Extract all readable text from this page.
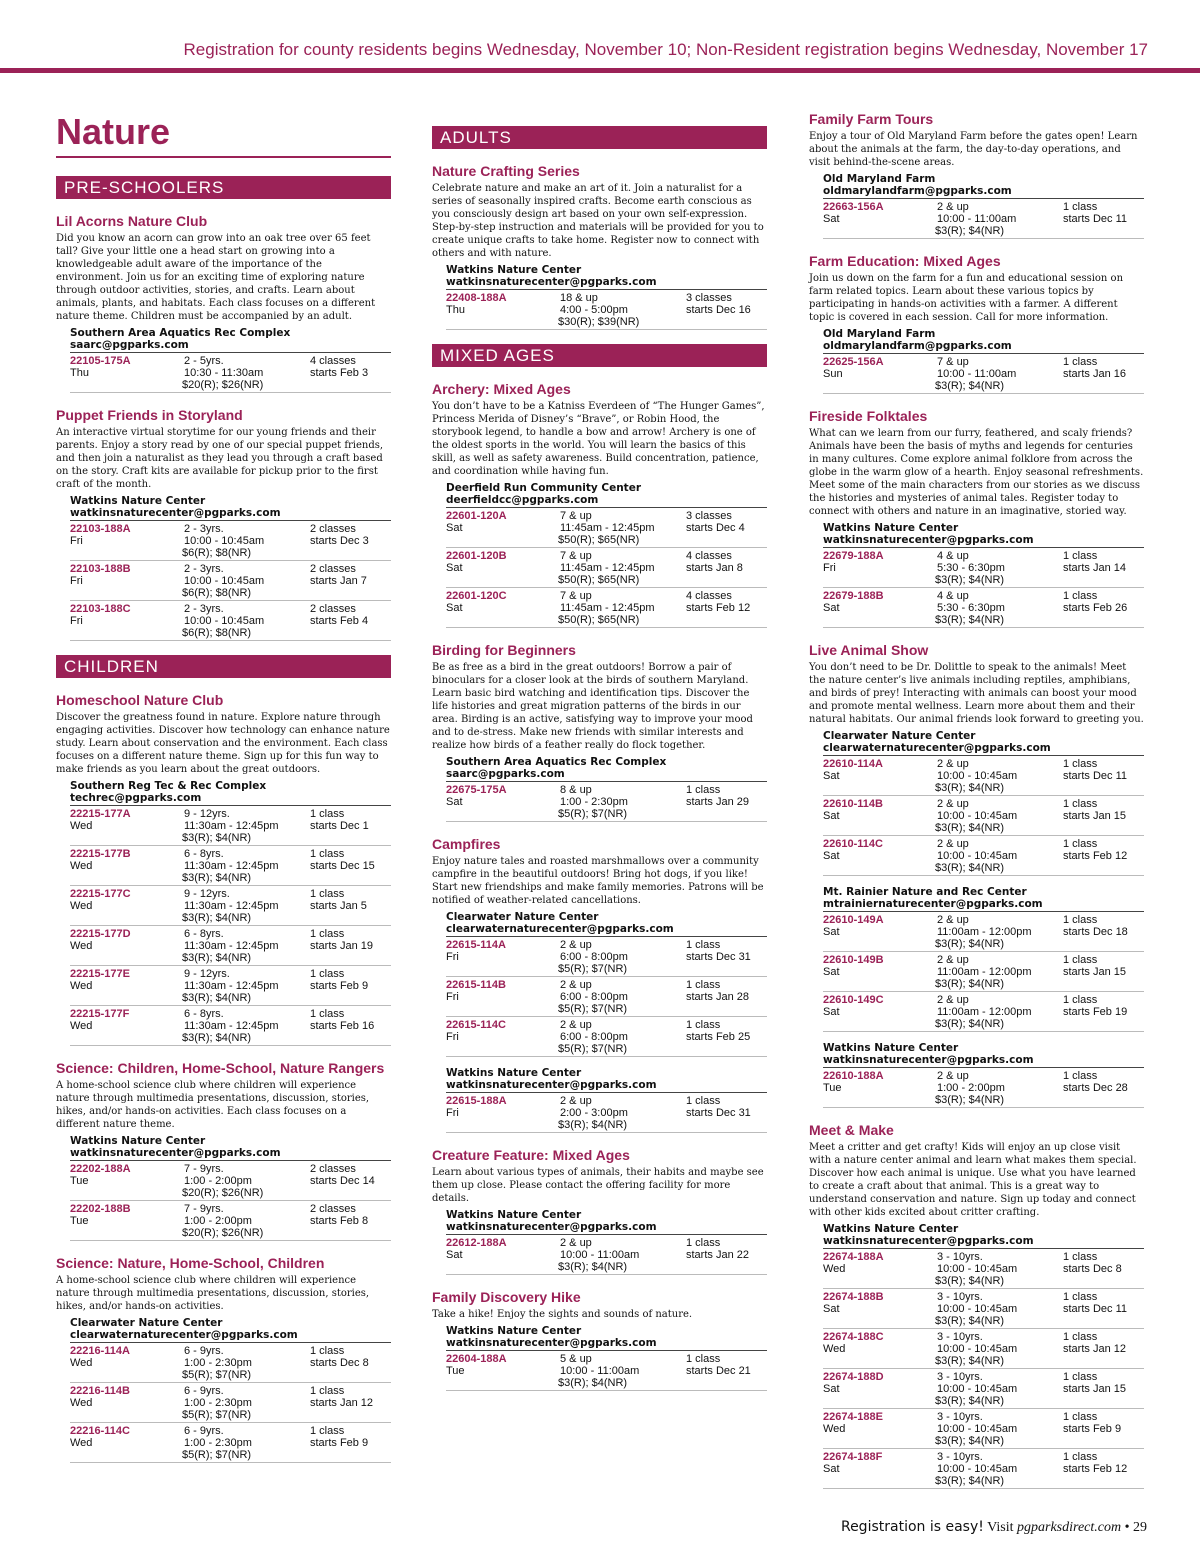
Registration for county residents begins Wednesday, November 10; Non-Resident registration begins Wednesday, November 17
Nature
PRE-SCHOOLERS
Lil Acorns Nature Club

Did you know an acorn can grow into an oak tree over 65 feet tall? Give your little one a head start on growing into a knowledgeable adult aware of the importance of the environment. Join us for an exciting time of exploring nature through outdoor activities, stories, and crafts. Learn about animals, plants, and habitats. Each class focuses on a different nature theme. Children must be accompanied by an adult.

Southern Area Aquatics Rec Complex
saarc@pgparks.com
22105-175A
Thu
2 - 5yrs.
10:30 - 11:30am
$20(R); $26(NR)
4 classes
starts Feb 3
Puppet Friends in Storyland

An interactive virtual storytime for our young friends and their parents. Enjoy a story read by one of our special puppet friends, and then join a naturalist as they lead you through a craft based on the story. Craft kits are available for pickup prior to the first craft of the month.

Watkins Nature Center
watkinsnaturecenter@pgparks.com
22103-188A
Fri
2 - 3yrs.
10:00 - 10:45am
$6(R); $8(NR)
2 classes
starts Dec 3
22103-188B
Fri
2 - 3yrs.
10:00 - 10:45am
$6(R); $8(NR)
2 classes
starts Jan 7
22103-188C
Fri
2 - 3yrs.
10:00 - 10:45am
$6(R); $8(NR)
2 classes
starts Feb 4
CHILDREN
Homeschool Nature Club

Discover the greatness found in nature. Explore nature through engaging activities. Discover how technology can enhance nature study. Learn about conservation and the environment. Each class focuses on a different nature theme. Sign up for this fun way to make friends as you learn about the great outdoors.

Southern Reg Tec & Rec Complex
techrec@pgparks.com
22215-177A
Wed
9 - 12yrs.
11:30am - 12:45pm
$3(R); $4(NR)
1 class
starts Dec 1
22215-177B
Wed
6 - 8yrs.
11:30am - 12:45pm
$3(R); $4(NR)
1 class
starts Dec 15
22215-177C
Wed
9 - 12yrs.
11:30am - 12:45pm
$3(R); $4(NR)
1 class
starts Jan 5
22215-177D
Wed
6 - 8yrs.
11:30am - 12:45pm
$3(R); $4(NR)
1 class
starts Jan 19
22215-177E
Wed
9 - 12yrs.
11:30am - 12:45pm
$3(R); $4(NR)
1 class
starts Feb 9
22215-177F
Wed
6 - 8yrs.
11:30am - 12:45pm
$3(R); $4(NR)
1 class
starts Feb 16
Science: Children, Home-School, Nature Rangers

A home-school science club where children will experience nature through multimedia presentations, discussion, stories, hikes, and/or hands-on activities. Each class focuses on a different nature theme.

Watkins Nature Center
watkinsnaturecenter@pgparks.com
22202-188A
Tue
7 - 9yrs.
1:00 - 2:00pm
$20(R); $26(NR)
2 classes
starts Dec 14
22202-188B
Tue
7 - 9yrs.
1:00 - 2:00pm
$20(R); $26(NR)
2 classes
starts Feb 8
Science: Nature, Home-School, Children

A home-school science club where children will experience nature through multimedia presentations, discussion, stories, hikes, and/or hands-on activities.

Clearwater Nature Center
clearwaternaturecenter@pgparks.com
22216-114A
Wed
6 - 9yrs.
1:00 - 2:30pm
$5(R); $7(NR)
1 class
starts Dec 8
22216-114B
Wed
6 - 9yrs.
1:00 - 2:30pm
$5(R); $7(NR)
1 class
starts Jan 12
22216-114C
Wed
6 - 9yrs.
1:00 - 2:30pm
$5(R); $7(NR)
1 class
starts Feb 9
ADULTS
Nature Crafting Series

Celebrate nature and make an art of it. Join a naturalist for a series of seasonally inspired crafts. Become earth conscious as you consciously design art based on your own self-expression. Step-by-step instruction and materials will be provided for you to create unique crafts to take home. Register now to connect with others and with nature.

Watkins Nature Center
watkinsnaturecenter@pgparks.com
22408-188A
Thu
18 & up
4:00 - 5:00pm
$30(R); $39(NR)
3 classes
starts Dec 16
MIXED AGES
Archery: Mixed Ages

You don’t have to be a Katniss Everdeen of “The Hunger Games”, Princess Merida of Disney’s “Brave”, or Robin Hood, the storybook legend, to handle a bow and arrow! Archery is one of the oldest sports in the world. You will learn the basics of this skill, as well as safety awareness. Build concentration, patience, and coordination while having fun.

Deerfield Run Community Center
deerfieldcc@pgparks.com
22601-120A
Sat
7 & up
11:45am - 12:45pm
$50(R); $65(NR)
3 classes
starts Dec 4
22601-120B
Sat
7 & up
11:45am - 12:45pm
$50(R); $65(NR)
4 classes
starts Jan 8
22601-120C
Sat
7 & up
11:45am - 12:45pm
$50(R); $65(NR)
4 classes
starts Feb 12
Birding for Beginners

Be as free as a bird in the great outdoors! Borrow a pair of binoculars for a closer look at the birds of southern Maryland. Learn basic bird watching and identification tips. Discover the life histories and great migration patterns of the birds in our area. Birding is an active, satisfying way to improve your mood and to de-stress. Make new friends with similar interests and realize how birds of a feather really do flock together.

Southern Area Aquatics Rec Complex
saarc@pgparks.com
22675-175A
Sat
8 & up
1:00 - 2:30pm
$5(R); $7(NR)
1 class
starts Jan 29
Campfires

Enjoy nature tales and roasted marshmallows over a community campfire in the beautiful outdoors! Bring hot dogs, if you like! Start new friendships and make family memories. Patrons will be notified of weather-related cancellations.

Clearwater Nature Center
clearwaternaturecenter@pgparks.com
22615-114A
Fri
2 & up
6:00 - 8:00pm
$5(R); $7(NR)
1 class
starts Dec 31
22615-114B
Fri
2 & up
6:00 - 8:00pm
$5(R); $7(NR)
1 class
starts Jan 28
22615-114C
Fri
2 & up
6:00 - 8:00pm
$5(R); $7(NR)
1 class
starts Feb 25
Watkins Nature Center
watkinsnaturecenter@pgparks.com
22615-188A
Fri
2 & up
2:00 - 3:00pm
$3(R); $4(NR)
1 class
starts Dec 31
Creature Feature: Mixed Ages

Learn about various types of animals, their habits and maybe see them up close. Please contact the offering facility for more details.

Watkins Nature Center
watkinsnaturecenter@pgparks.com
22612-188A
Sat
2 & up
10:00 - 11:00am
$3(R); $4(NR)
1 class
starts Jan 22
Family Discovery Hike

Take a hike! Enjoy the sights and sounds of nature.

Watkins Nature Center
watkinsnaturecenter@pgparks.com
22604-188A
Tue
5 & up
10:00 - 11:00am
$3(R); $4(NR)
1 class
starts Dec 21
Family Farm Tours

Enjoy a tour of Old Maryland Farm before the gates open! Learn about the animals at the farm, the day-to-day operations, and visit behind-the-scene areas.

Old Maryland Farm
oldmarylandfarm@pgparks.com
22663-156A
Sat
2 & up
10:00 - 11:00am
$3(R); $4(NR)
1 class
starts Dec 11
Farm Education: Mixed Ages

Join us down on the farm for a fun and educational session on farm related topics. Learn about these various topics by participating in hands-on activities with a farmer. A different topic is covered in each session. Call for more information.

Old Maryland Farm
oldmarylandfarm@pgparks.com
22625-156A
Sun
7 & up
10:00 - 11:00am
$3(R); $4(NR)
1 class
starts Jan 16
Fireside Folktales

What can we learn from our furry, feathered, and scaly friends? Animals have been the basis of myths and legends for centuries in many cultures. Come explore animal folklore from across the globe in the warm glow of a hearth. Enjoy seasonal refreshments. Meet some of the main characters from our stories as we discuss the histories and mysteries of animal tales. Register today to connect with others and nature in an imaginative, storied way.

Watkins Nature Center
watkinsnaturecenter@pgparks.com
22679-188A
Fri
4 & up
5:30 - 6:30pm
$3(R); $4(NR)
1 class
starts Jan 14
22679-188B
Sat
4 & up
5:30 - 6:30pm
$3(R); $4(NR)
1 class
starts Feb 26
Live Animal Show

You don’t need to be Dr. Dolittle to speak to the animals! Meet the nature center’s live animals including reptiles, amphibians, and birds of prey! Interacting with animals can boost your mood and promote mental wellness. Learn more about them and their natural habitats. Our animal friends look forward to greeting you.

Clearwater Nature Center
clearwaternaturecenter@pgparks.com
22610-114A
Sat
2 & up
10:00 - 10:45am
$3(R); $4(NR)
1 class
starts Dec 11
22610-114B
Sat
2 & up
10:00 - 10:45am
$3(R); $4(NR)
1 class
starts Jan 15
22610-114C
Sat
2 & up
10:00 - 10:45am
$3(R); $4(NR)
1 class
starts Feb 12
Mt. Rainier Nature and Rec Center
mtrainiernaturecenter@pgparks.com
22610-149A
Sat
2 & up
11:00am - 12:00pm
$3(R); $4(NR)
1 class
starts Dec 18
22610-149B
Sat
2 & up
11:00am - 12:00pm
$3(R); $4(NR)
1 class
starts Jan 15
22610-149C
Sat
2 & up
11:00am - 12:00pm
$3(R); $4(NR)
1 class
starts Feb 19
Watkins Nature Center
watkinsnaturecenter@pgparks.com
22610-188A
Tue
2 & up
1:00 - 2:00pm
$3(R); $4(NR)
1 class
starts Dec 28
Meet & Make

Meet a critter and get crafty! Kids will enjoy an up close visit with a nature center animal and learn what makes them special. Discover how each animal is unique. Use what you have learned to create a craft about that animal. This is a great way to understand conservation and nature. Sign up today and connect with other kids excited about critter crafting.

Watkins Nature Center
watkinsnaturecenter@pgparks.com
22674-188A
Wed
3 - 10yrs.
10:00 - 10:45am
$3(R); $4(NR)
1 class
starts Dec 8
22674-188B
Sat
3 - 10yrs.
10:00 - 10:45am
$3(R); $4(NR)
1 class
starts Dec 11
22674-188C
Wed
3 - 10yrs.
10:00 - 10:45am
$3(R); $4(NR)
1 class
starts Jan 12
22674-188D
Sat
3 - 10yrs.
10:00 - 10:45am
$3(R); $4(NR)
1 class
starts Jan 15
22674-188E
Wed
3 - 10yrs.
10:00 - 10:45am
$3(R); $4(NR)
1 class
starts Feb 9
22674-188F
Sat
3 - 10yrs.
10:00 - 10:45am
$3(R); $4(NR)
1 class
starts Feb 12
Registration is easy! Visit pgparksdirect.com • 29
